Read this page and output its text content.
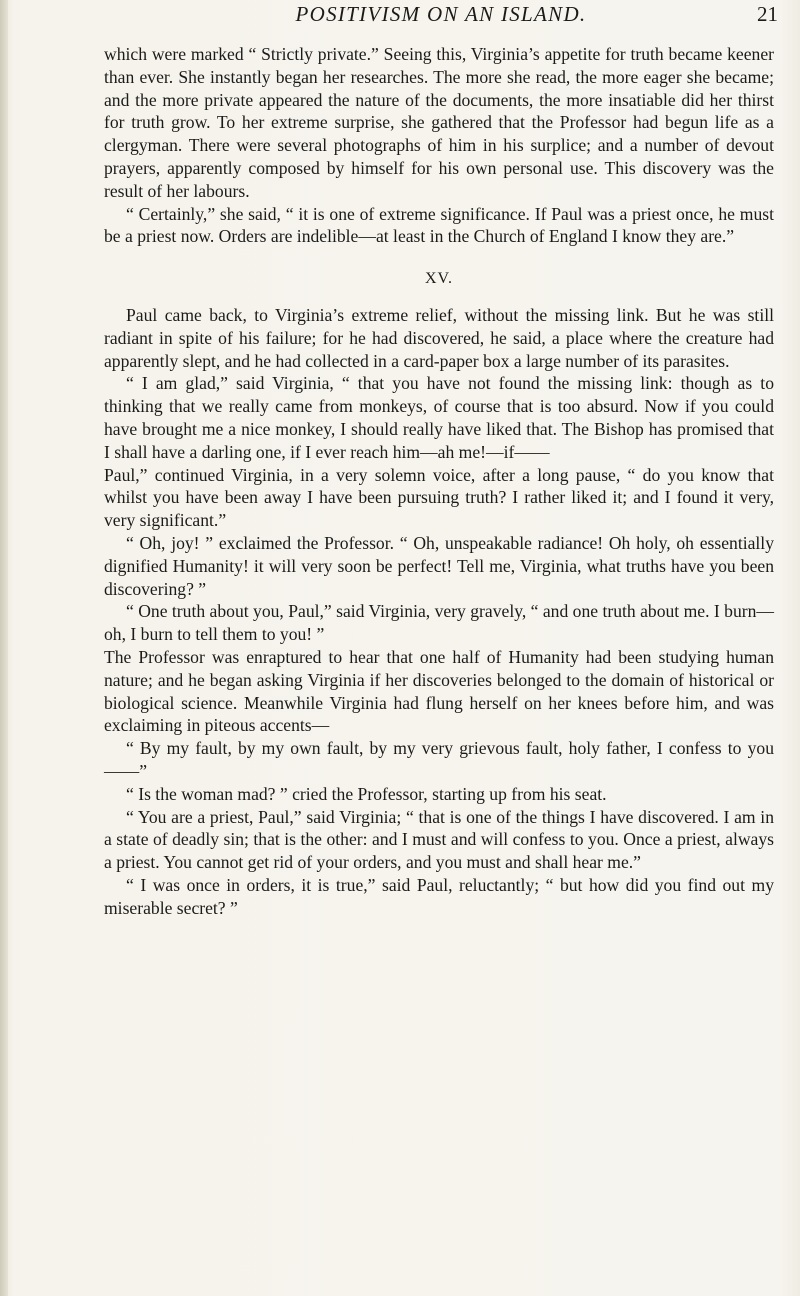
POSITIVISM ON AN ISLAND.	21

which were marked “ Strictly private.” Seeing this, Virginia’s appetite for truth became keener than ever. She instantly began her researches. The more she read, the more eager she became; and the more private appeared the nature of the documents, the more insatiable did her thirst for truth grow. To her extreme surprise, she gathered that the Professor had begun life as a clergyman. There were several photographs of him in his surplice; and a number of devout prayers, apparently composed by himself for his own personal use. This discovery was the result of her labours.

“ Certainly,” she said, “ it is one of extreme significance. If Paul was a priest once, he must be a priest now. Orders are indelible—at least in the Church of England I know they are.”

XV.

Paul came back, to Virginia’s extreme relief, without the missing link. But he was still radiant in spite of his failure; for he had discovered, he said, a place where the creature had apparently slept, and he had collected in a card-paper box a large number of its parasites.

“ I am glad,” said Virginia, “ that you have not found the missing link: though as to thinking that we really came from monkeys, of course that is too absurd. Now if you could have brought me a nice monkey, I should really have liked that. The Bishop has promised that I shall have a darling one, if I ever reach him—ah me!—if——

Paul,” continued Virginia, in a very solemn voice, after a long pause, “ do you know that whilst you have been away I have been pursuing truth? I rather liked it; and I found it very, very significant.”

“ Oh, joy! ” exclaimed the Professor. “ Oh, unspeakable radiance! Oh holy, oh essentially dignified Humanity! it will very soon be perfect! Tell me, Virginia, what truths have you been discovering? ”

“ One truth about you, Paul,” said Virginia, very gravely, “ and one truth about me. I burn—oh, I burn to tell them to you! ”

The Professor was enraptured to hear that one half of Humanity had been studying human nature; and he began asking Virginia if her discoveries belonged to the domain of historical or biological science. Meanwhile Virginia had flung herself on her knees before him, and was exclaiming in piteous accents—

“ By my fault, by my own fault, by my very grievous fault, holy father, I confess to you——”

“ Is the woman mad? ” cried the Professor, starting up from his seat.

“ You are a priest, Paul,” said Virginia; “ that is one of the things I have discovered. I am in a state of deadly sin; that is the other: and I must and will confess to you. Once a priest, always a priest. You cannot get rid of your orders, and you must and shall hear me.”

“ I was once in orders, it is true,” said Paul, reluctantly; “ but how did you find out my miserable secret? ”
